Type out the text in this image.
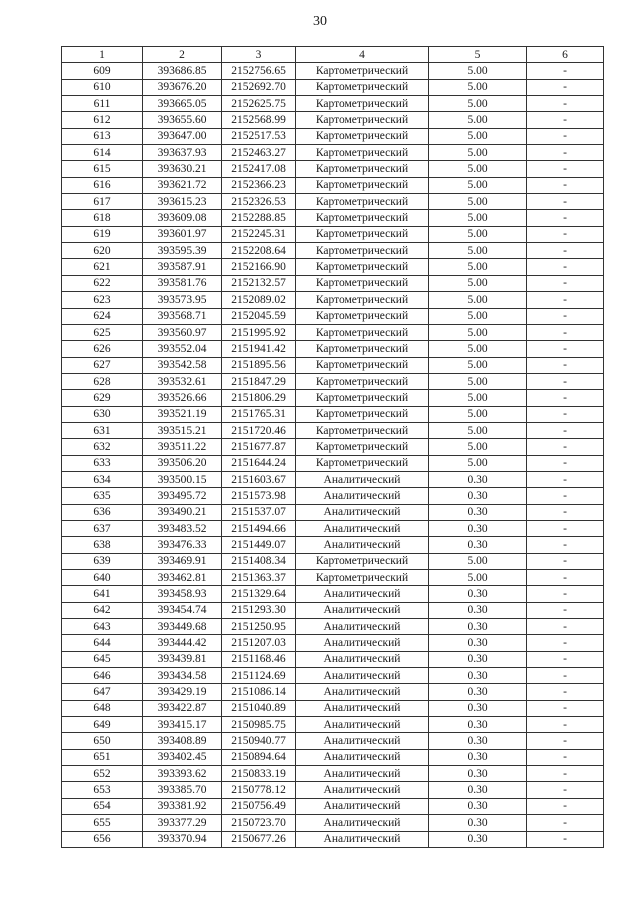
30
1	2	3	4	5	6
609	393686.85	2152756.65	Картометрический	5.00	-
610	393676.20	2152692.70	Картометрический	5.00	-
611	393665.05	2152625.75	Картометрический	5.00	-
612	393655.60	2152568.99	Картометрический	5.00	-
613	393647.00	2152517.53	Картометрический	5.00	-
614	393637.93	2152463.27	Картометрический	5.00	-
615	393630.21	2152417.08	Картометрический	5.00	-
616	393621.72	2152366.23	Картометрический	5.00	-
617	393615.23	2152326.53	Картометрический	5.00	-
618	393609.08	2152288.85	Картометрический	5.00	-
619	393601.97	2152245.31	Картометрический	5.00	-
620	393595.39	2152208.64	Картометрический	5.00	-
621	393587.91	2152166.90	Картометрический	5.00	-
622	393581.76	2152132.57	Картометрический	5.00	-
623	393573.95	2152089.02	Картометрический	5.00	-
624	393568.71	2152045.59	Картометрический	5.00	-
625	393560.97	2151995.92	Картометрический	5.00	-
626	393552.04	2151941.42	Картометрический	5.00	-
627	393542.58	2151895.56	Картометрический	5.00	-
628	393532.61	2151847.29	Картометрический	5.00	-
629	393526.66	2151806.29	Картометрический	5.00	-
630	393521.19	2151765.31	Картометрический	5.00	-
631	393515.21	2151720.46	Картометрический	5.00	-
632	393511.22	2151677.87	Картометрический	5.00	-
633	393506.20	2151644.24	Картометрический	5.00	-
634	393500.15	2151603.67	Аналитический	0.30	-
635	393495.72	2151573.98	Аналитический	0.30	-
636	393490.21	2151537.07	Аналитический	0.30	-
637	393483.52	2151494.66	Аналитический	0.30	-
638	393476.33	2151449.07	Аналитический	0.30	-
639	393469.91	2151408.34	Картометрический	5.00	-
640	393462.81	2151363.37	Картометрический	5.00	-
641	393458.93	2151329.64	Аналитический	0.30	-
642	393454.74	2151293.30	Аналитический	0.30	-
643	393449.68	2151250.95	Аналитический	0.30	-
644	393444.42	2151207.03	Аналитический	0.30	-
645	393439.81	2151168.46	Аналитический	0.30	-
646	393434.58	2151124.69	Аналитический	0.30	-
647	393429.19	2151086.14	Аналитический	0.30	-
648	393422.87	2151040.89	Аналитический	0.30	-
649	393415.17	2150985.75	Аналитический	0.30	-
650	393408.89	2150940.77	Аналитический	0.30	-
651	393402.45	2150894.64	Аналитический	0.30	-
652	393393.62	2150833.19	Аналитический	0.30	-
653	393385.70	2150778.12	Аналитический	0.30	-
654	393381.92	2150756.49	Аналитический	0.30	-
655	393377.29	2150723.70	Аналитический	0.30	-
656	393370.94	2150677.26	Аналитический	0.30	-
